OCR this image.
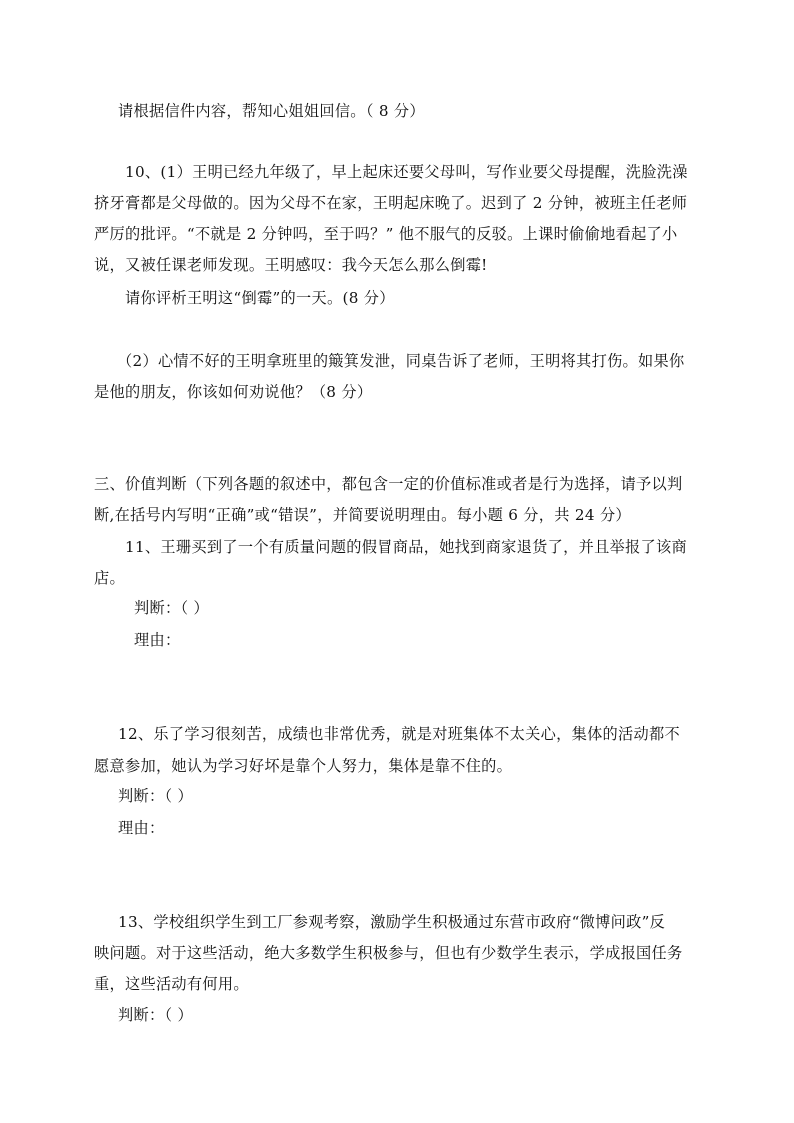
请根据信件内容，帮知心姐姐回信。（ 8 分）
10、(1）王明已经九年级了，早上起床还要父母叫，写作业要父母提醒，洗脸洗澡
挤牙膏都是父母做的。因为父母不在家，王明起床晚了。迟到了 2 分钟，被班主任老师
严厉的批评。“不就是 2 分钟吗，至于吗？” 他不服气的反驳。上课时偷偷地看起了小
说，又被任课老师发现。王明感叹：我今天怎么那么倒霉!
请你评析王明这“倒霉”的一天。(8 分）
（2）心情不好的王明拿班里的簸箕发泄，同桌告诉了老师，王明将其打伤。如果你
是他的朋友，你该如何劝说他？（8 分）
三、价值判断（下列各题的叙述中，都包含一定的价值标准或者是行为选择，请予以判
断,在括号内写明“正确”或“错误”，并简要说明理由。每小题 6 分，共 24 分）
11、王珊买到了一个有质量问题的假冒商品，她找到商家退货了，并且举报了该商
店。
判断：（ ）
理由：
12、乐了学习很刻苦，成绩也非常优秀，就是对班集体不太关心，集体的活动都不
愿意参加，她认为学习好坏是靠个人努力，集体是靠不住的。
判断：（ ）
理由：
13、学校组织学生到工厂参观考察，激励学生积极通过东营市政府“微博问政”反
映问题。对于这些活动，绝大多数学生积极参与，但也有少数学生表示，学成报国任务
重，这些活动有何用。
判断：（ ）
